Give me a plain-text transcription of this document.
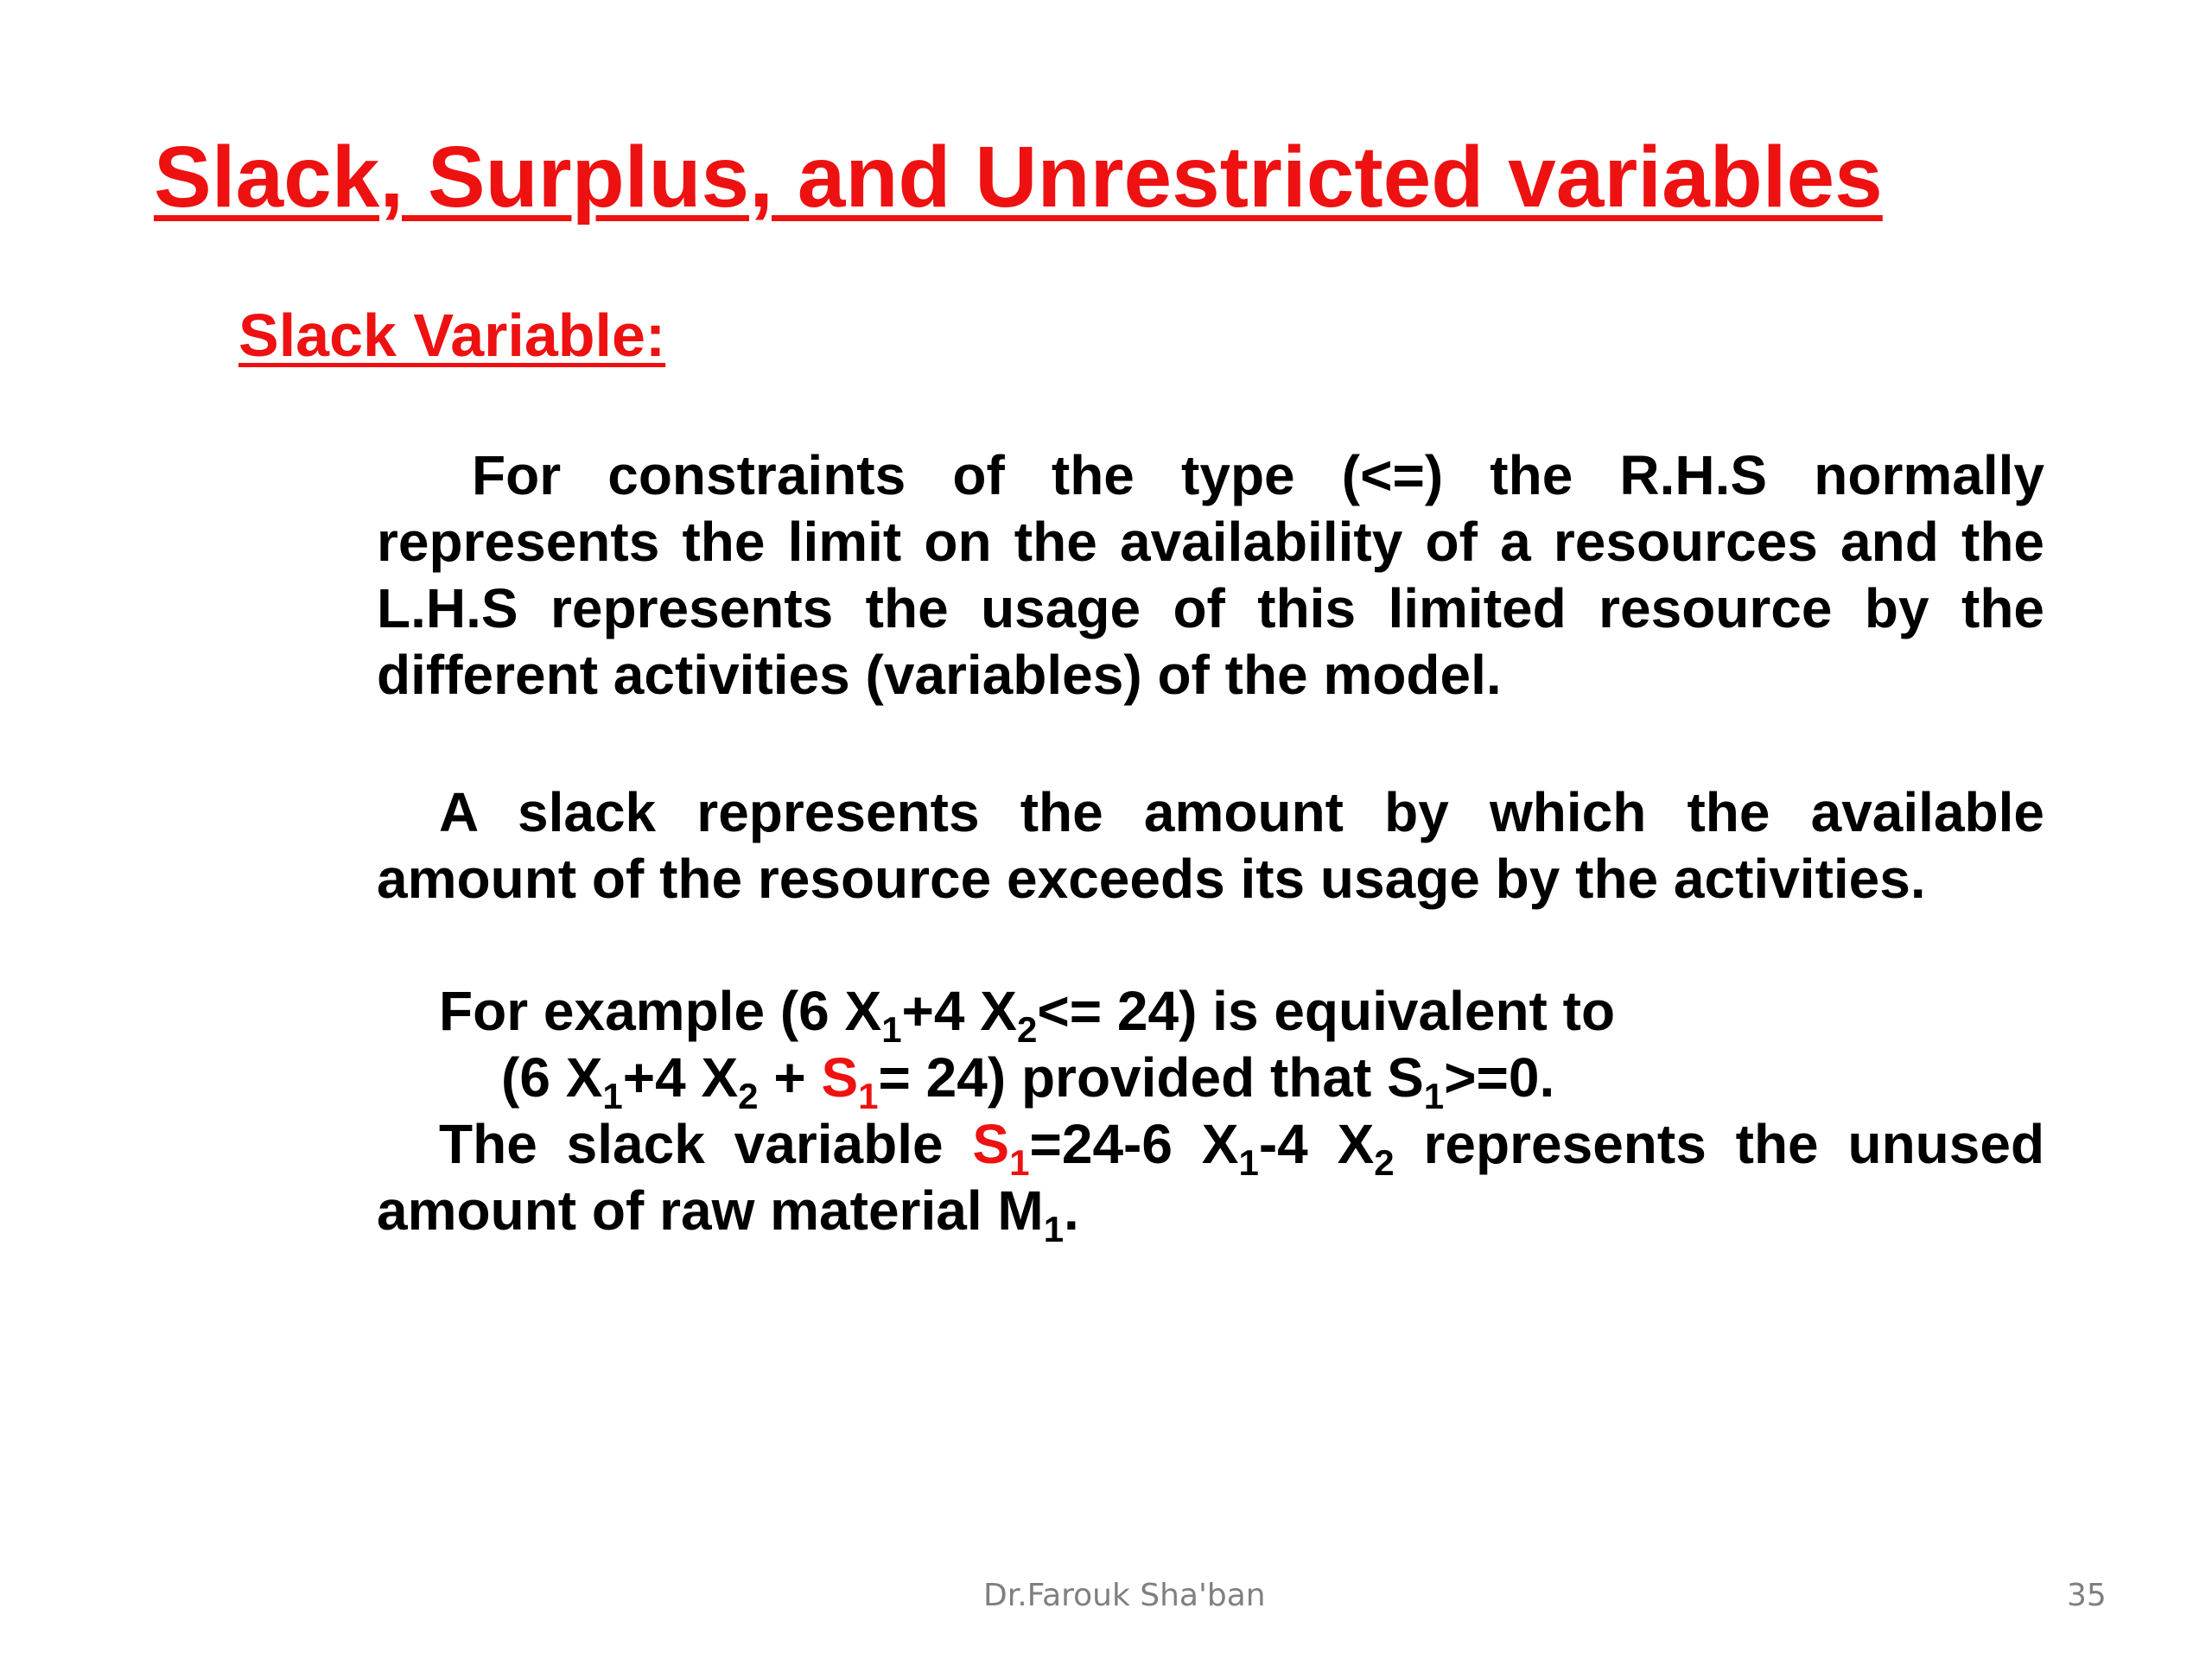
Slack, Surplus, and Unrestricted variables
Slack Variable:
For constraints of the type (<=) the R.H.S normally
represents the limit on the availability of a resources and the
L.H.S represents the usage of this limited resource by the
different activities (variables) of the model.
A slack represents the amount by which the available
amount of the resource exceeds its usage by the activities.
For example (6 $X_1+4$ $X_2<= 24$) is equivalent to
(6 $X_1+4$ $X_2 + S_1= 24$) provided that $S_1>=0$.
The slack variable $S_1=24-6$ $X_1-4$ $X_2$ represents the unused
amount of raw material $M_1$.

Dr.Farouk Sha'ban	35
